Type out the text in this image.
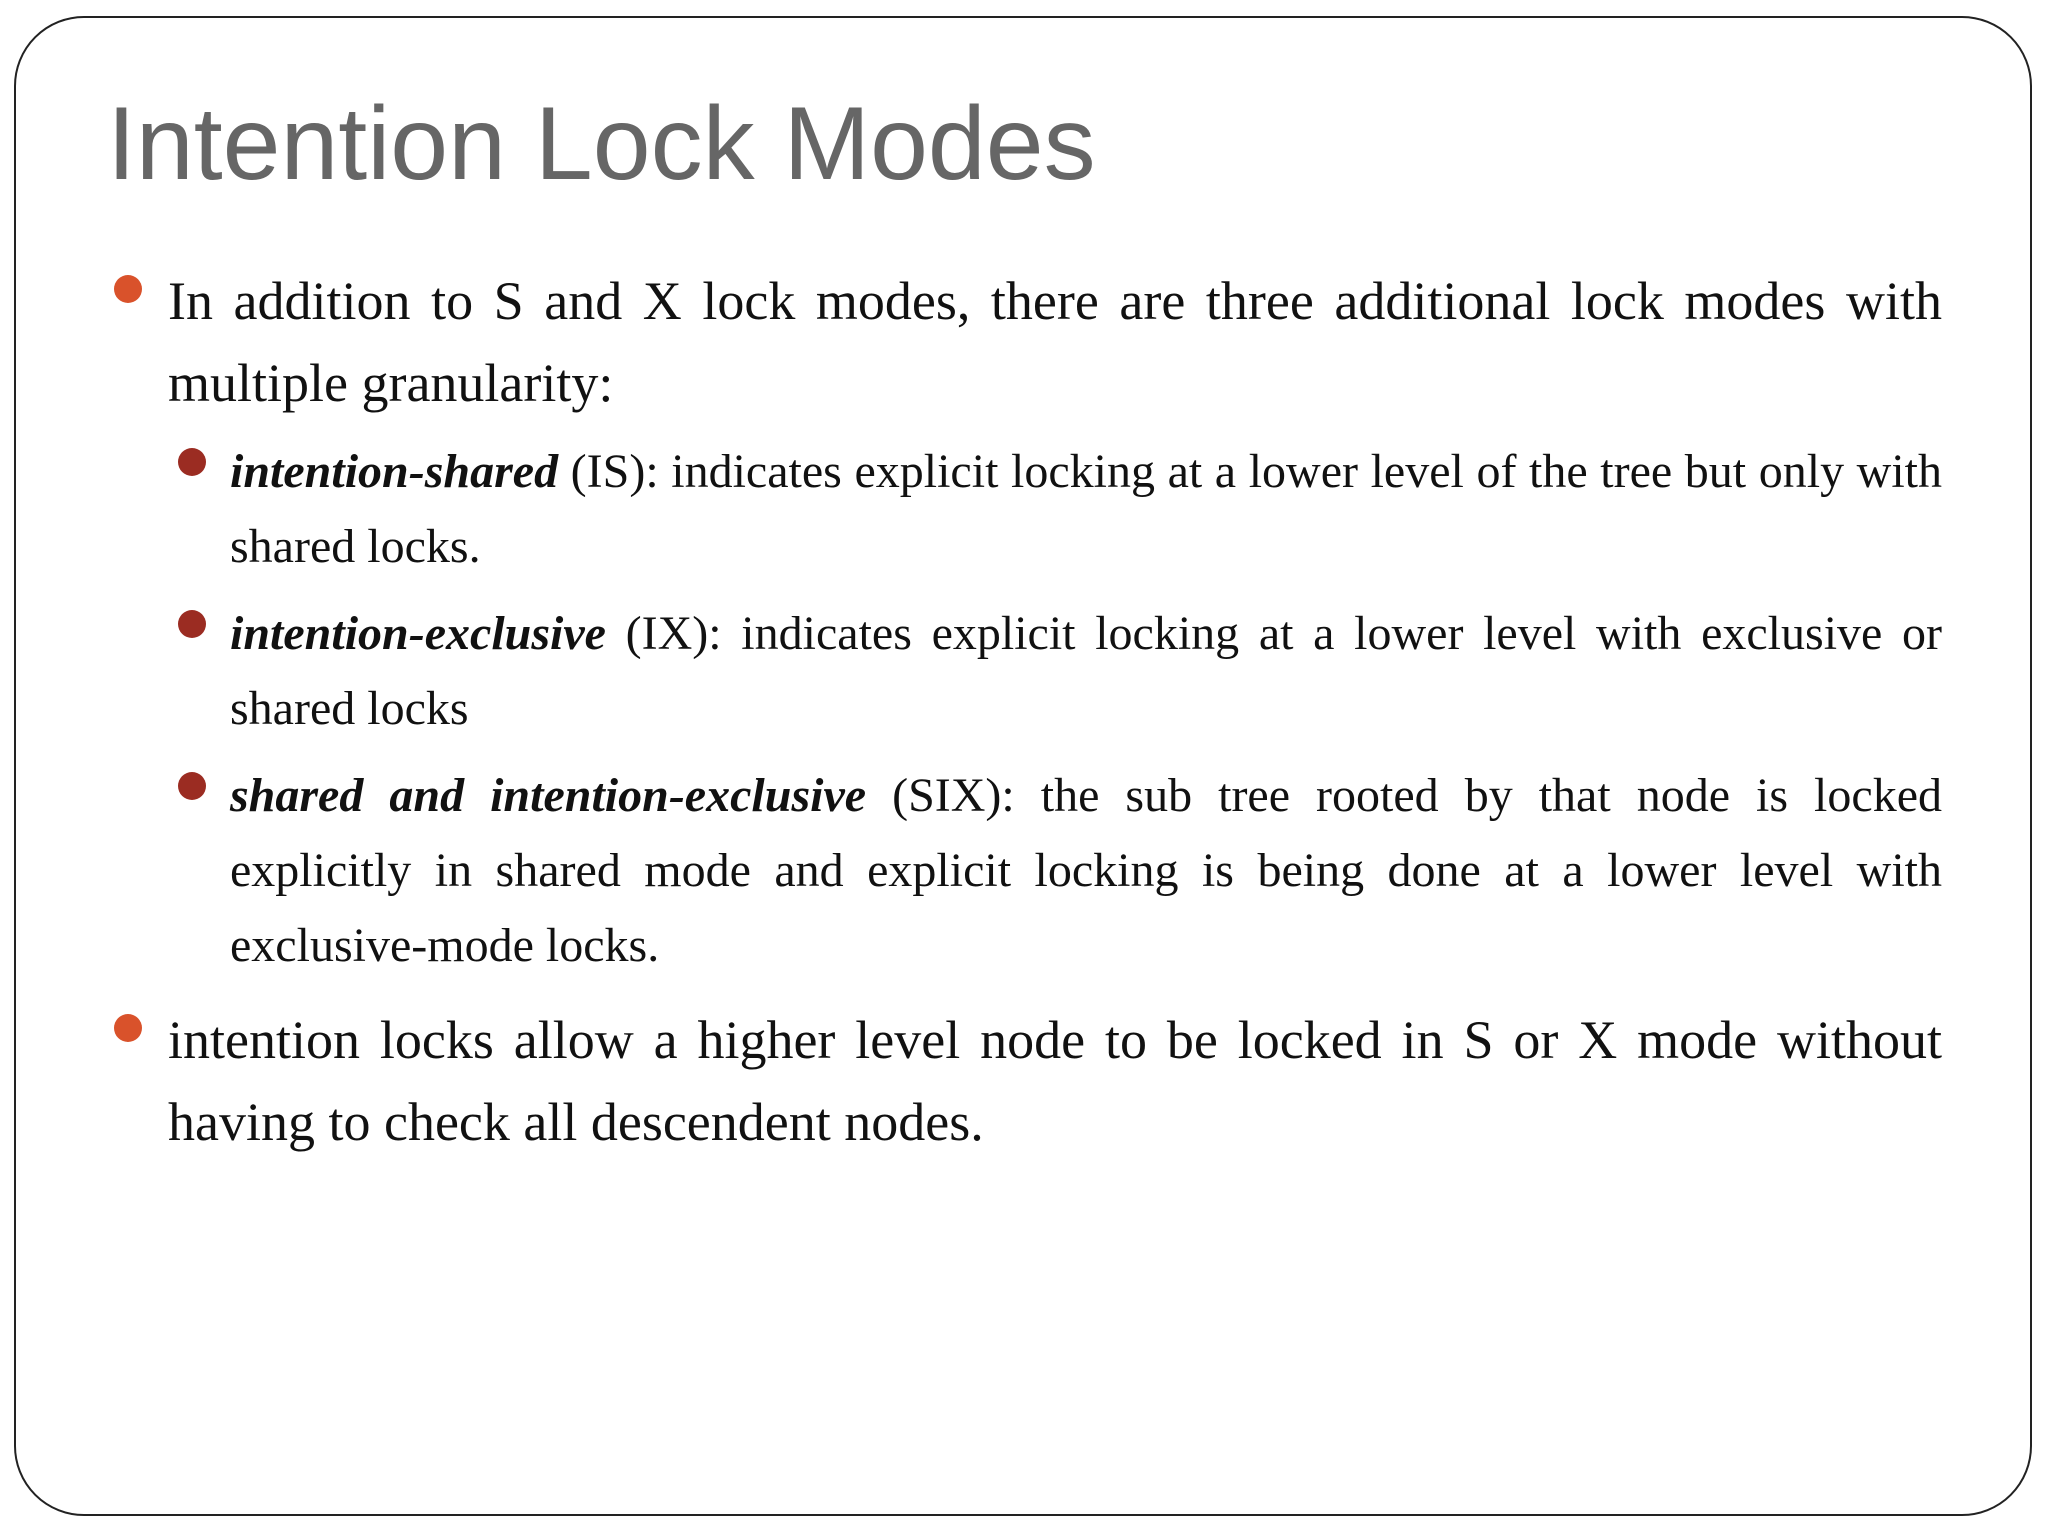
Intention Lock Modes
In addition to S and X lock modes, there are three additional lock modes with multiple granularity:
intention-shared (IS): indicates explicit locking at a lower level of the tree but only with shared locks.
intention-exclusive (IX): indicates explicit locking at a lower level with exclusive or shared locks
shared and intention-exclusive (SIX): the sub tree rooted by that node is locked explicitly in shared mode and explicit locking is being done at a lower level with exclusive-mode locks.
intention locks allow a higher level node to be locked in S or X mode without having to check all descendent nodes.
